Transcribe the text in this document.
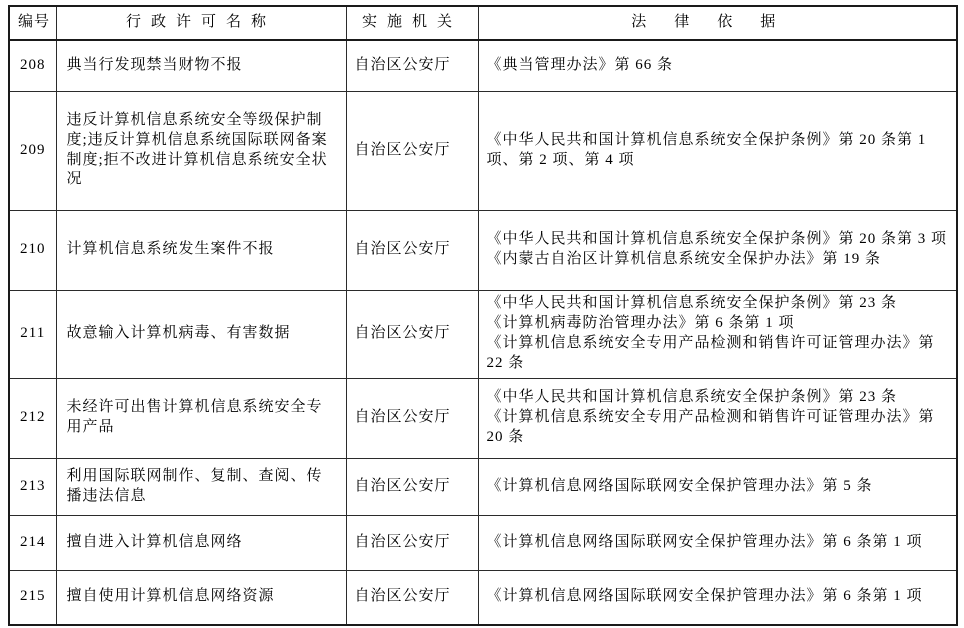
编号	行政许可名称	实施机关	法律依据
208	典当行发现禁当财物不报	自治区公安厅	《典当管理办法》第 66 条

209	违反计算机信息系统安全等级保护制度;违反计算机信息系统国际联网备案制度;拒不改进计算机信息系统安全状况	自治区公安厅	《中华人民共和国计算机信息系统安全保护条例》第 20 条第 1 项、第 2 项、第 4 项

210	计算机信息系统发生案件不报	自治区公安厅	《中华人民共和国计算机信息系统安全保护条例》第 20 条第 3 项
《内蒙古自治区计算机信息系统安全保护办法》第 19 条

211	故意输入计算机病毒、有害数据	自治区公安厅	《中华人民共和国计算机信息系统安全保护条例》第 23 条
《计算机病毒防治管理办法》第 6 条第 1 项
《计算机信息系统安全专用产品检测和销售许可证管理办法》第 22 条

212	未经许可出售计算机信息系统安全专用产品	自治区公安厅	《中华人民共和国计算机信息系统安全保护条例》第 23 条
《计算机信息系统安全专用产品检测和销售许可证管理办法》第 20 条

213	利用国际联网制作、复制、查阅、传播违法信息	自治区公安厅	《计算机信息网络国际联网安全保护管理办法》第 5 条

214	擅自进入计算机信息网络	自治区公安厅	《计算机信息网络国际联网安全保护管理办法》第 6 条第 1 项

215	擅自使用计算机信息网络资源	自治区公安厅	《计算机信息网络国际联网安全保护管理办法》第 6 条第 1 项
